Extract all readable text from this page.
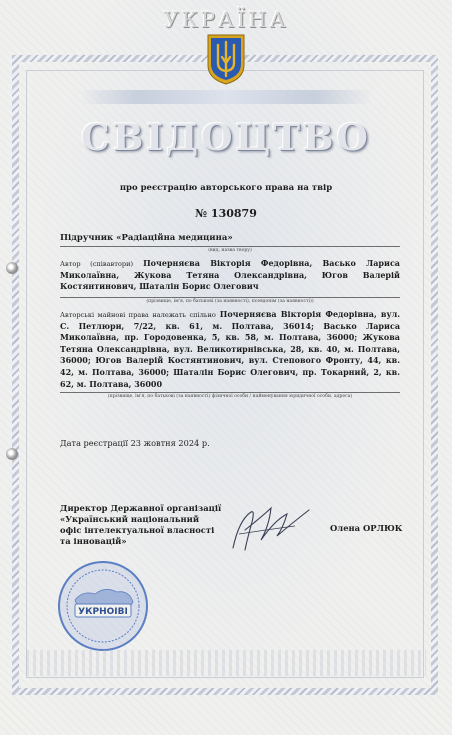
УКРАЇНА
СВІДОЦТВО
про реєстрацію авторського права на твір
№ 130879
Підручник «Радіаційна медицина»
(вид, назва твору)
Автор (співавтори) Почерняєва Вікторія Федорівна, Васько Лариса Миколаївна, Жукова Тетяна Олександрівна, Югов Валерій Костянтинович, Шаталін Борис Олегович
(прізвище, ім'я, по батькові (за наявності), псевдонім (за наявності))
Авторські майнові права належать спільно Почерняєва Вікторія Федорівна, вул. С. Петлюри, 7/22, кв. 61, м. Полтава, 36014; Васько Лариса Миколаївна, пр. Городовенка, 5, кв. 58, м. Полтава, 36000; Жукова Тетяна Олександрівна, вул. Великотирнівська, 28, кв. 40, м. Полтава, 36000; Югов Валерій Костянтинович, вул. Степового Фронту, 44, кв. 42, м. Полтава, 36000; Шаталін Борис Олегович, пр. Токарний, 2, кв. 62, м. Полтава, 36000
(прізвище, ім'я, по батькові (за наявності) фізичної особи / найменування юридичної особи, адреса)
Дата реєстрації 23 жовтня 2024 р.
Директор Державної організації
«Український національний
офіс інтелектуальної власності
та інновацій»
Олена ОРЛЮК
УКРНОІВІ
